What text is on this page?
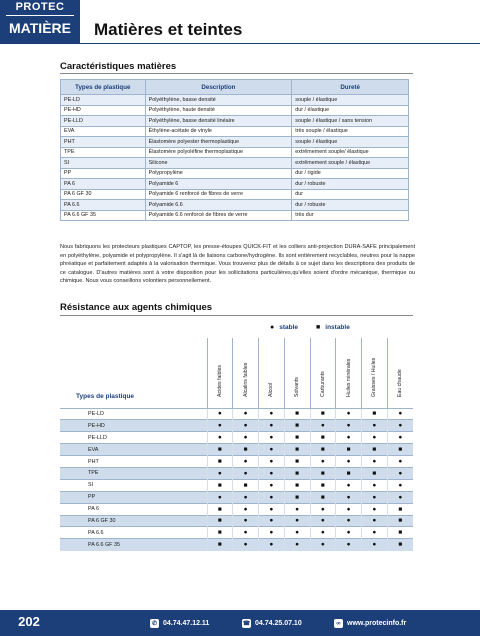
PROTEC
MATIÈRE	Matières et teintes
Caractéristiques matières
Types de plastique	Description	Dureté
PE-LD	Polyéthylène, basse densité	souple / élastique
PE-HD	Polyéthylène, haute densité	dur / élastique
PE-LLD	Polyéthylène, basse densité linéaire	souple / élastique / sans tension
EVA	Éthylène-acétate de vinyle	très souple / élastique
PHT	Élastomère polyester thermoplastique	souple / élastique
TPE	Élastomère polyoléfine thermoplastique	extrêmement souple/ élastique
SI	Silicone	extrêmement souple / élastique
PP	Polypropylène	dur / rigide
PA 6	Polyamide 6	dur / robuste
PA 6 GF 30	Polyamide 6 renforcé de fibres de verre	dur
PA 6.6	Polyamide 6.6	dur / robuste
PA 6.6 GF 35	Polyamide 6.6 renforcé de fibres de verre	très dur
Nous fabriquons les protecteurs plastiques CAPTOP, les presse-étoupes QUICK-FIT et les colliers anti-projection DURA-SAFE principalement en polyéthylène, polyamide et polypropylène. Il s'agit là de liaisons carbone/hydrogène. Ils sont entièrement recyclables, neutres pour la nappe phréatique et parfaitement adaptés à la valorisation thermique. Vous trouverez plus de détails à ce sujet dans les descriptions des produits de ce catalogue. D'autres matières sont à votre disposition pour les sollicitations particulières,qu'elles soient d'ordre mécanique, thermique ou chimique. Nous vous conseillons volontiers personnellement.
Résistance aux agents chimiques
● stable	■ instable
Types de plastique	Acides faibles	Alcalins faibles	Alcool	Solvants	Carburants	Huiles minérales	Graisses / Huiles	Eau chaude

PE-LD	●	●	●	■	■	●	■	●
PE-HD	●	●	●	■	●	●	●	●
PE-LLD	●	●	●	■	■	●	●	●
EVA	■	■	●	■	■	■	■	■
PHT	■	●	●	■	●	●	●	●
TPE	●	●	●	■	■	■	■	●
SI	■	■	●	■	■	●	●	●
PP	●	●	●	■	■	●	●	●
PA 6	■	●	●	●	●	●	●	■
PA 6 GF 30	■	●	●	●	●	●	●	■
PA 6.6	■	●	●	●	●	●	●	■
PA 6.6 GF 35	■	●	●	●	●	●	●	■
202	✆ 04.74.47.12.11	☎ 04.74.25.07.10	∞ www.protecinfo.fr
